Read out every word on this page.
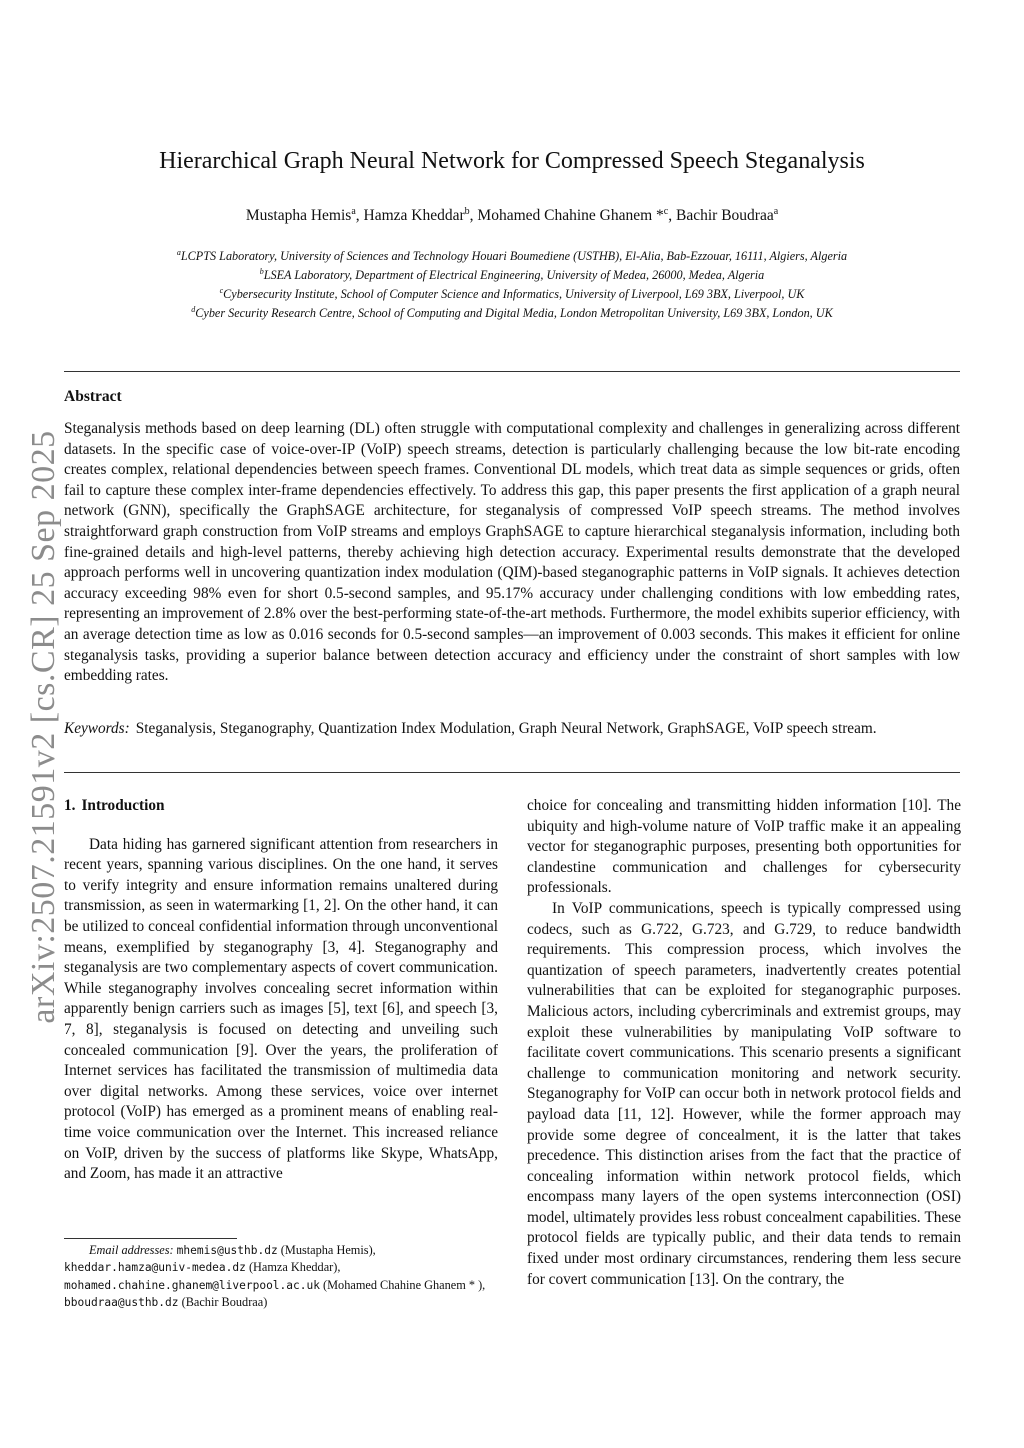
arXiv:2507.21591v2 [cs.CR] 25 Sep 2025
Hierarchical Graph Neural Network for Compressed Speech Steganalysis
Mustapha Hemis$^a$, Hamza Kheddar$^b$, Mohamed Chahine Ghanem *$^c$, Bachir Boudraa$^a$
$^a$LCPTS Laboratory, University of Sciences and Technology Houari Boumediene (USTHB), El-Alia, Bab-Ezzouar, 16111, Algiers, Algeria
$^b$LSEA Laboratory, Department of Electrical Engineering, University of Medea, 26000, Medea, Algeria
$^c$Cybersecurity Institute, School of Computer Science and Informatics, University of Liverpool, L69 3BX, Liverpool, UK
$^d$Cyber Security Research Centre, School of Computing and Digital Media, London Metropolitan University, L69 3BX, London, UK
Abstract
Steganalysis methods based on deep learning (DL) often struggle with computational complexity and challenges in generalizing across different datasets. In the specific case of voice-over-IP (VoIP) speech streams, detection is particularly challenging because the low bit-rate encoding creates complex, relational dependencies between speech frames. Conventional DL models, which treat data as simple sequences or grids, often fail to capture these complex inter-frame dependencies effectively. To address this gap, this paper presents the first application of a graph neural network (GNN), specifically the GraphSAGE architecture, for steganalysis of compressed VoIP speech streams. The method involves straightforward graph construction from VoIP streams and employs GraphSAGE to capture hierarchical steganalysis information, including both fine-grained details and high-level patterns, thereby achieving high detection accuracy. Experimental results demonstrate that the developed approach performs well in uncovering quantization index modulation (QIM)-based steganographic patterns in VoIP signals. It achieves detection accuracy exceeding 98% even for short 0.5-second samples, and 95.17% accuracy under challenging conditions with low embedding rates, representing an improvement of 2.8% over the best-performing state-of-the-art methods. Furthermore, the model exhibits superior efficiency, with an average detection time as low as 0.016 seconds for 0.5-second samples—an improvement of 0.003 seconds. This makes it efficient for online steganalysis tasks, providing a superior balance between detection accuracy and efficiency under the constraint of short samples with low embedding rates.
Keywords: Steganalysis, Steganography, Quantization Index Modulation, Graph Neural Network, GraphSAGE, VoIP speech stream.
1. Introduction

Data hiding has garnered significant attention from researchers in recent years, spanning various disciplines. On the one hand, it serves to verify integrity and ensure information remains unaltered during transmission, as seen in watermarking [1, 2]. On the other hand, it can be utilized to conceal confidential information through unconventional means, exemplified by steganography [3, 4]. Steganography and steganalysis are two complementary aspects of covert communication. While steganography involves concealing secret information within apparently benign carriers such as images [5], text [6], and speech [3, 7, 8], steganalysis is focused on detecting and unveiling such concealed communication [9]. Over the years, the proliferation of Internet services has facilitated the transmission of multimedia data over digital networks. Among these services, voice over internet protocol (VoIP) has emerged as a prominent means of enabling real-time voice communication over the Internet. This increased reliance on VoIP, driven by the success of platforms like Skype, WhatsApp, and Zoom, has made it an attractive

choice for concealing and transmitting hidden information [10]. The ubiquity and high-volume nature of VoIP traffic make it an appealing vector for steganographic purposes, presenting both opportunities for clandestine communication and challenges for cybersecurity professionals.

In VoIP communications, speech is typically compressed using codecs, such as G.722, G.723, and G.729, to reduce bandwidth requirements. This compression process, which involves the quantization of speech parameters, inadvertently creates potential vulnerabilities that can be exploited for steganographic purposes. Malicious actors, including cybercriminals and extremist groups, may exploit these vulnerabilities by manipulating VoIP software to facilitate covert communications. This scenario presents a significant challenge to communication monitoring and network security. Steganography for VoIP can occur both in network protocol fields and payload data [11, 12]. However, while the former approach may provide some degree of concealment, it is the latter that takes precedence. This distinction arises from the fact that the practice of concealing information within network protocol fields, which encompass many layers of the open systems interconnection (OSI) model, ultimately provides less robust concealment capabilities. These protocol fields are typically public, and their data tends to remain fixed under most ordinary circumstances, rendering them less secure for covert communication [13]. On the contrary, the

Email addresses: mhemis@usthb.dz (Mustapha Hemis), kheddar.hamza@univ-medea.dz (Hamza Kheddar), mohamed.chahine.ghanem@liverpool.ac.uk (Mohamed Chahine Ghanem * ), bboudraa@usthb.dz (Bachir Boudraa)
